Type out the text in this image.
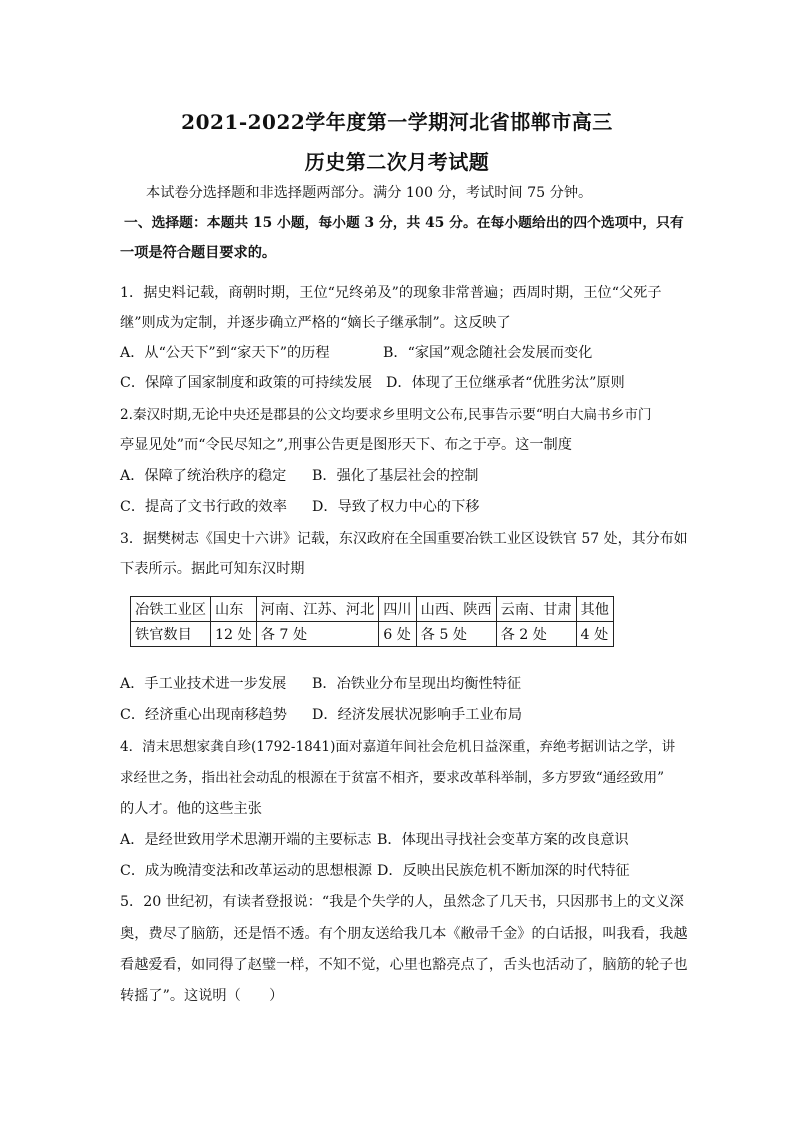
2021-2022学年度第一学期河北省邯郸市高三
历史第二次月考试题
本试卷分选择题和非选择题两部分。满分 100 分，考试时间 75 分钟。
一、选择题：本题共 15 小题，每小题 3 分，共 45 分。在每小题给出的四个选项中，只有
一项是符合题目要求的。
1．据史料记载，商朝时期，王位“兄终弟及”的现象非常普遍；西周时期，王位“父死子
继”则成为定制，并逐步确立严格的“嫡长子继承制”。这反映了
A．从“公天下”到“家天下”的历程	B．“家国”观念随社会发展而变化
C．保障了国家制度和政策的可持续发展 D．体现了王位继承者“优胜劣汰”原则
2.秦汉时期,无论中央还是郡县的公文均要求乡里明文公布,民事告示要“明白大扁书乡市门
亭显见处”而“令民尽知之”,刑事公告更是图形天下、布之于亭。这一制度
A．保障了统治秩序的稳定 B．强化了基层社会的控制
C．提高了文书行政的效率 D．导致了权力中心的下移
3．据樊树志《国史十六讲》记载，东汉政府在全国重要冶铁工业区设铁官 57 处，其分布如
下表所示。据此可知东汉时期
冶铁工业区	山东	河南、江苏、河北	四川	山西、陕西	云南、甘肃	其他
铁官数目	12 处	各 7 处	6 处	各 5 处	各 2 处	4 处
A．手工业技术进一步发展 B．冶铁业分布呈现出均衡性特征
C．经济重心出现南移趋势 D．经济发展状况影响手工业布局
4．清末思想家龚自珍(1792-1841)面对嘉道年间社会危机日益深重，弃绝考据训诂之学，讲
求经世之务，指出社会动乱的根源在于贫富不相齐，要求改革科举制，多方罗致“通经致用”
的人才。他的这些主张
A．是经世致用学术思潮开端的主要标志 B．体现出寻找社会变革方案的改良意识
C．成为晚清变法和改革运动的思想根源 D．反映出民族危机不断加深的时代特征
5．20 世纪初，有读者登报说：“我是个失学的人，虽然念了几天书，只因那书上的文义深
奥，费尽了脑筋，还是悟不透。有个朋友送给我几本《敝帚千金》的白话报，叫我看，我越
看越爱看，如同得了赵璧一样，不知不觉，心里也豁亮点了，舌头也活动了，脑筋的轮子也
转摇了”。这说明（　　）
